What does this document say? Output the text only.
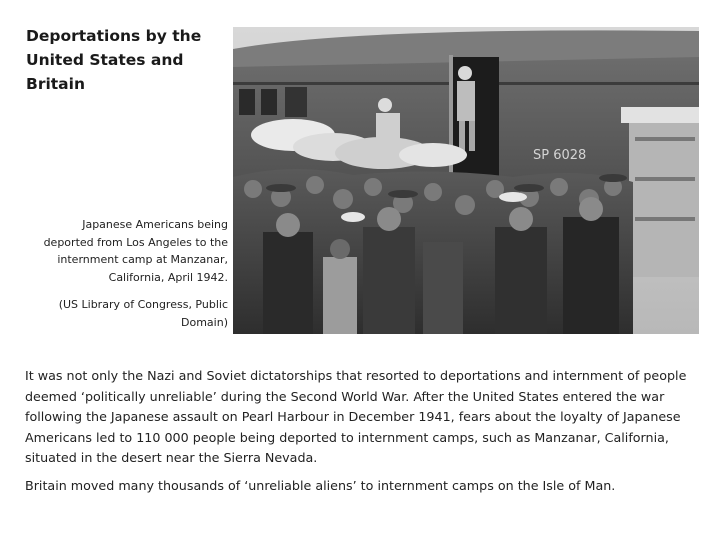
Deportations by the
United States and
Britain
Japanese Americans being deported from Los Angeles to the internment camp at Manzanar, California, April 1942.
(US Library of Congress, Public Domain)
SP 6028

It was not only the Nazi and Soviet dictatorships that resorted to deportations and internment of people deemed ‘politically unreliable’ during the Second World War. After the United States entered the war following the Japanese assault on Pearl Harbour in December 1941, fears about the loyalty of Japanese Americans led to 110 000 people being deported to internment camps, such as Manzanar, California, situated in the desert near the Sierra Nevada.

Britain moved many thousands of ‘unreliable aliens’ to internment camps on the Isle of Man.
